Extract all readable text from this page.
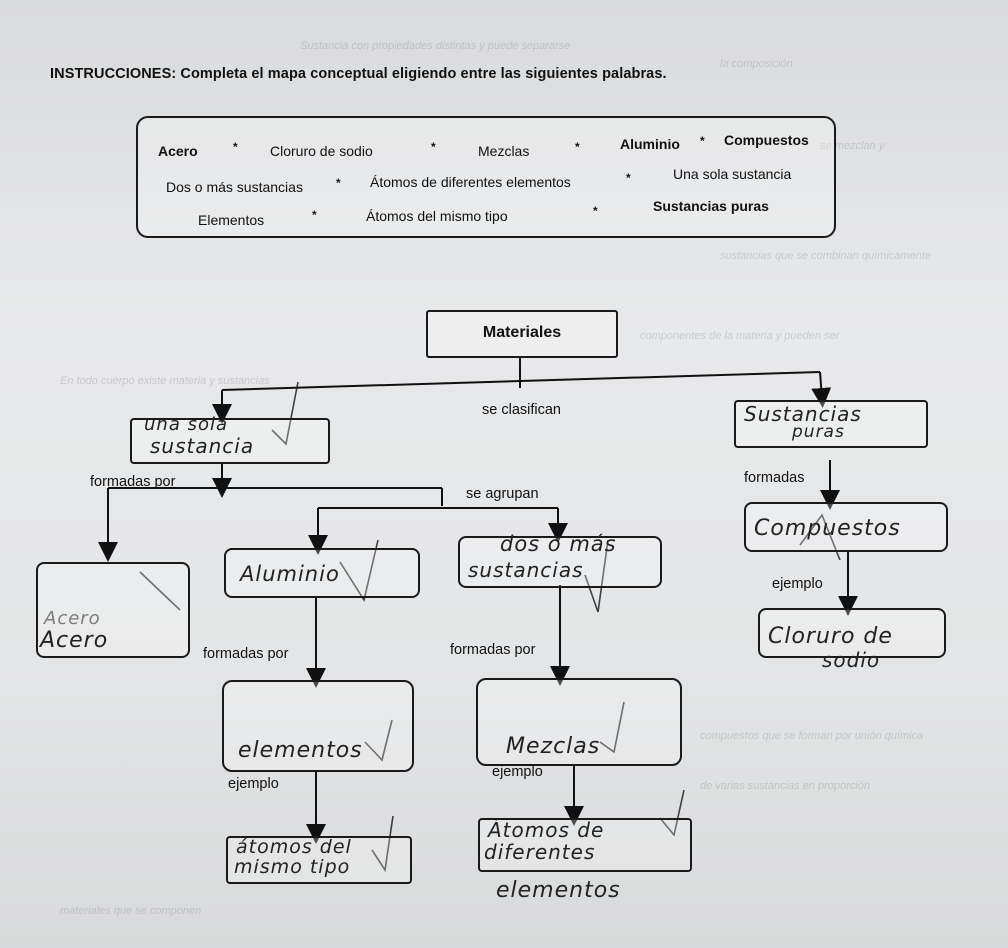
Sustancia con propiedades distintas y puede separarse
la composición
se mezclan y
sustancias que se combinan químicamente
En todo cuerpo existe materia y sustancias
componentes de la materia y pueden ser
compuestos que se forman por unión química
de varias sustancias en proporción
materiales que se componen
INSTRUCCIONES: Completa el mapa conceptual eligiendo entre las siguientes palabras.
Acero	* Cloruro de sodio	*	Mezclas	*	Aluminio * Compuestos
Dos o más sustancias	* Átomos de diferentes elementos	*	Una sola sustancia
Elementos	*	Átomos del mismo tipo	*	Sustancias puras
Materiales
se clasifican
una sola
sustancia
Sustancias
puras
formadas por	formadas
se agrupan
Acero
Acero
Aluminio
dos o más
sustancias
Compuestos
ejemplo
Cloruro de
sodio
formadas por	formadas por
elementos	Mezclas
ejemplo
ejemplo
átomos del
mismo tipo
Átomos de
diferentes
elementos
